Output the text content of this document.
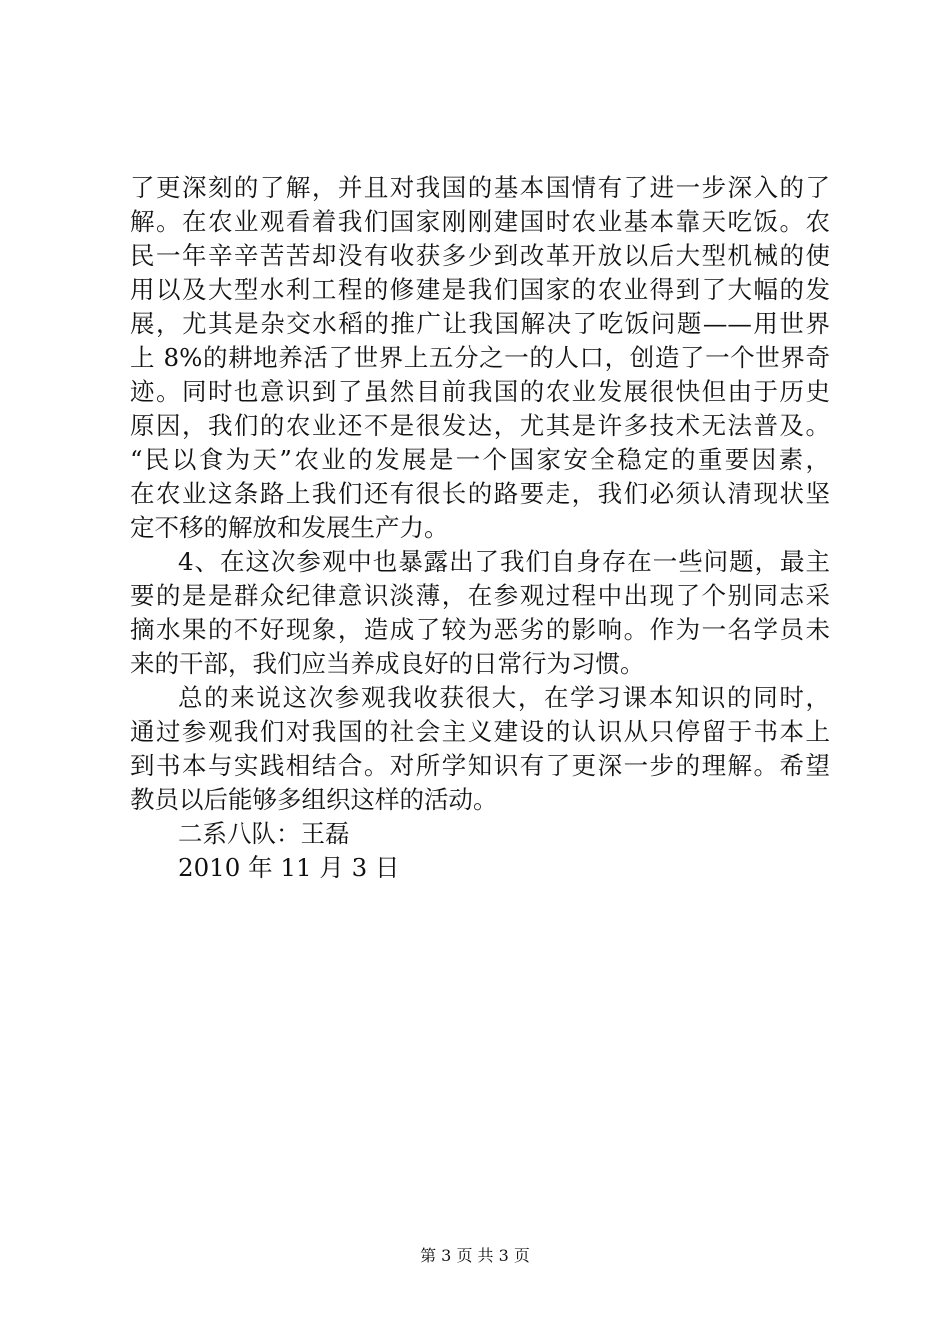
了更深刻的了解，并且对我国的基本国情有了进一步深入的了
解。在农业观看着我们国家刚刚建国时农业基本靠天吃饭。农
民一年辛辛苦苦却没有收获多少到改革开放以后大型机械的使
用以及大型水利工程的修建是我们国家的农业得到了大幅的发
展，尤其是杂交水稻的推广让我国解决了吃饭问题——用世界
上 8%的耕地养活了世界上五分之一的人口，创造了一个世界奇
迹。同时也意识到了虽然目前我国的农业发展很快但由于历史
原因，我们的农业还不是很发达，尤其是许多技术无法普及。
“民以食为天”农业的发展是一个国家安全稳定的重要因素，
在农业这条路上我们还有很长的路要走，我们必须认清现状坚
定不移的解放和发展生产力。
4、在这次参观中也暴露出了我们自身存在一些问题，最主
要的是是群众纪律意识淡薄，在参观过程中出现了个别同志采
摘水果的不好现象，造成了较为恶劣的影响。作为一名学员未
来的干部，我们应当养成良好的日常行为习惯。
总的来说这次参观我收获很大，在学习课本知识的同时，
通过参观我们对我国的社会主义建设的认识从只停留于书本上
到书本与实践相结合。对所学知识有了更深一步的理解。希望
教员以后能够多组织这样的活动。
二系八队：王磊
2010 年 11 月 3 日
第 3 页 共 3 页
